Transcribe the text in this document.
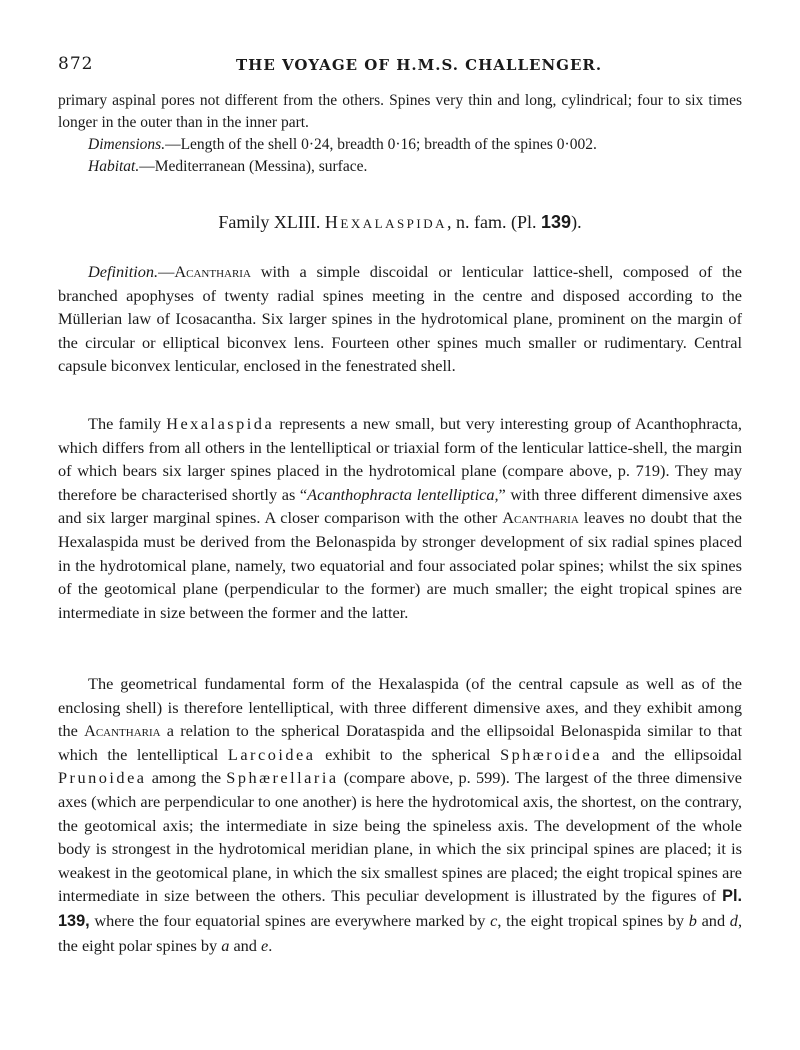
872	THE VOYAGE OF H.M.S. CHALLENGER.
primary aspinal pores not different from the others. Spines very thin and long, cylindrical; four to six times longer in the outer than in the inner part.
Dimensions.—Length of the shell 0·24, breadth 0·16; breadth of the spines 0·002.
Habitat.—Mediterranean (Messina), surface.
Family XLIII. Hexalaspida, n. fam. (Pl. 139).

Definition.—Acantharia with a simple discoidal or lenticular lattice-shell, composed of the branched apophyses of twenty radial spines meeting in the centre and disposed according to the Müllerian law of Icosacantha. Six larger spines in the hydrotomical plane, prominent on the margin of the circular or elliptical biconvex lens. Fourteen other spines much smaller or rudimentary. Central capsule biconvex lenticular, enclosed in the fenestrated shell.

The family Hexalaspida represents a new small, but very interesting group of Acanthophracta, which differs from all others in the lentelliptical or triaxial form of the lenticular lattice-shell, the margin of which bears six larger spines placed in the hydrotomical plane (compare above, p. 719). They may therefore be characterised shortly as “Acanthophracta lentelliptica,” with three different dimensive axes and six larger marginal spines. A closer comparison with the other Acantharia leaves no doubt that the Hexalaspida must be derived from the Belonaspida by stronger development of six radial spines placed in the hydrotomical plane, namely, two equatorial and four associated polar spines; whilst the six spines of the geotomical plane (perpendicular to the former) are much smaller; the eight tropical spines are intermediate in size between the former and the latter.

The geometrical fundamental form of the Hexalaspida (of the central capsule as well as of the enclosing shell) is therefore lentelliptical, with three different dimensive axes, and they exhibit among the Acantharia a relation to the spherical Dorataspida and the ellipsoidal Belonaspida similar to that which the lentelliptical Larcoidea exhibit to the spherical Sphæroidea and the ellipsoidal Prunoidea among the Sphærellaria (compare above, p. 599). The largest of the three dimensive axes (which are perpendicular to one another) is here the hydrotomical axis, the shortest, on the contrary, the geotomical axis; the intermediate in size being the spineless axis. The development of the whole body is strongest in the hydrotomical meridian plane, in which the six principal spines are placed; it is weakest in the geotomical plane, in which the six smallest spines are placed; the eight tropical spines are intermediate in size between the others. This peculiar development is illustrated by the figures of Pl. 139, where the four equatorial spines are everywhere marked by c, the eight tropical spines by b and d, the eight polar spines by a and e.
